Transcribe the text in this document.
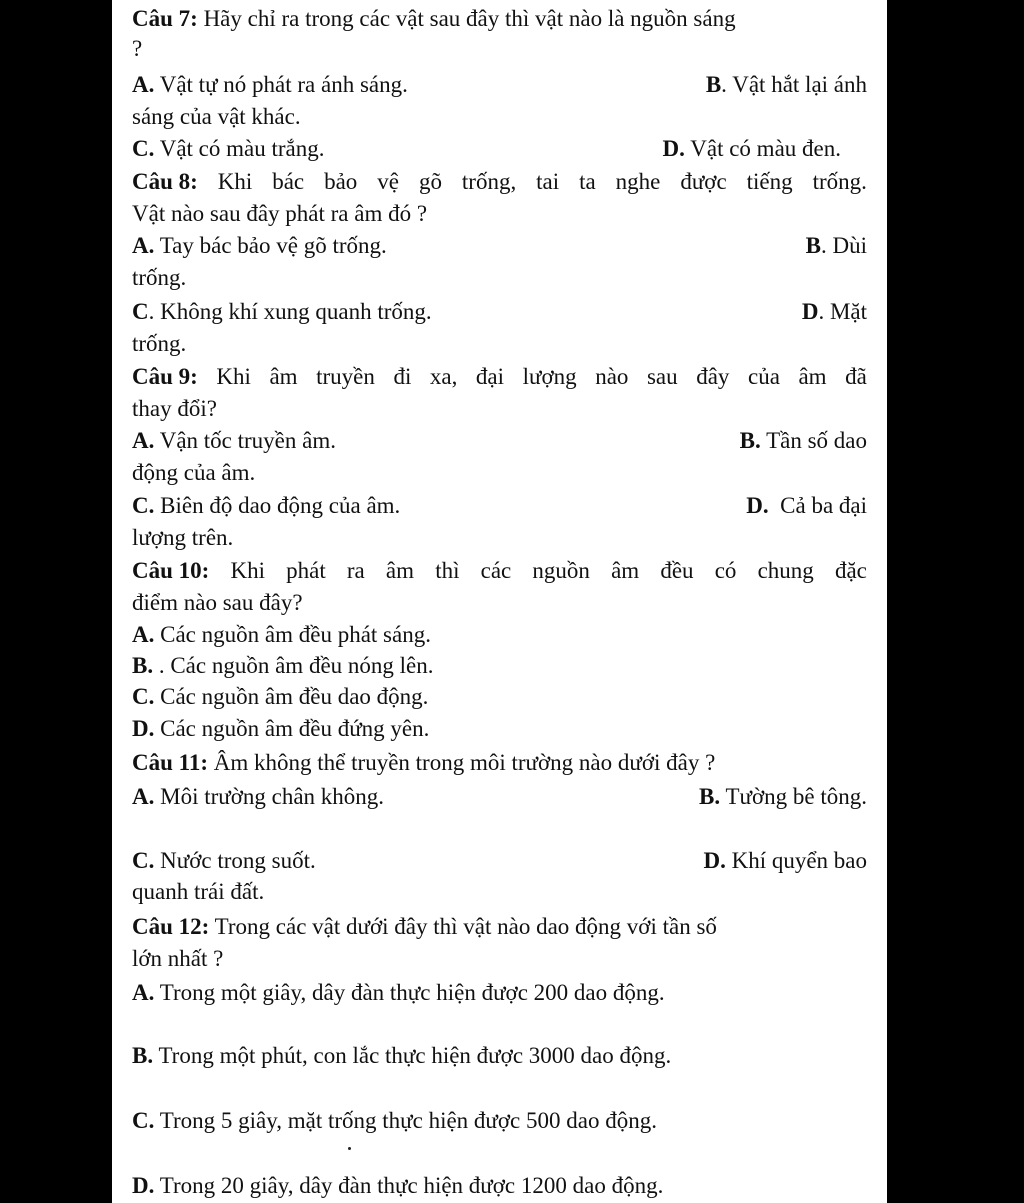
Câu 7: Hãy chỉ ra trong các vật sau đây thì vật nào là nguồn sáng
?
A. Vật tự nó phát ra ánh sáng.	B. Vật hắt lại ánh
sáng của vật khác.
C. Vật có màu trắng.	D. Vật có màu đen.
Câu 8: Khi bác bảo vệ gõ trống, tai ta nghe được tiếng trống.
Vật nào sau đây phát ra âm đó ?
A. Tay bác bảo vệ gõ trống.	B. Dùi
trống.
C. Không khí xung quanh trống.	D. Mặt
trống.
Câu 9: Khi âm truyền đi xa, đại lượng nào sau đây của âm đã
thay đổi?
A. Vận tốc truyền âm.	B. Tần số dao
động của âm.
C. Biên độ dao động của âm.	D. Cả ba đại
lượng trên.
Câu 10: Khi phát ra âm thì các nguồn âm đều có chung đặc
điểm nào sau đây?
A. Các nguồn âm đều phát sáng.
B. . Các nguồn âm đều nóng lên.
C. Các nguồn âm đều dao động.
D. Các nguồn âm đều đứng yên.
Câu 11: Âm không thể truyền trong môi trường nào dưới đây ?
A. Môi trường chân không.	B. Tường bê tông.
C. Nước trong suốt.	D. Khí quyển bao
quanh trái đất.
Câu 12: Trong các vật dưới đây thì vật nào dao động với tần số
lớn nhất ?
A. Trong một giây, dây đàn thực hiện được 200 dao động.
B. Trong một phút, con lắc thực hiện được 3000 dao động.
C. Trong 5 giây, mặt trống thực hiện được 500 dao động.
D. Trong 20 giây, dây đàn thực hiện được 1200 dao động.
